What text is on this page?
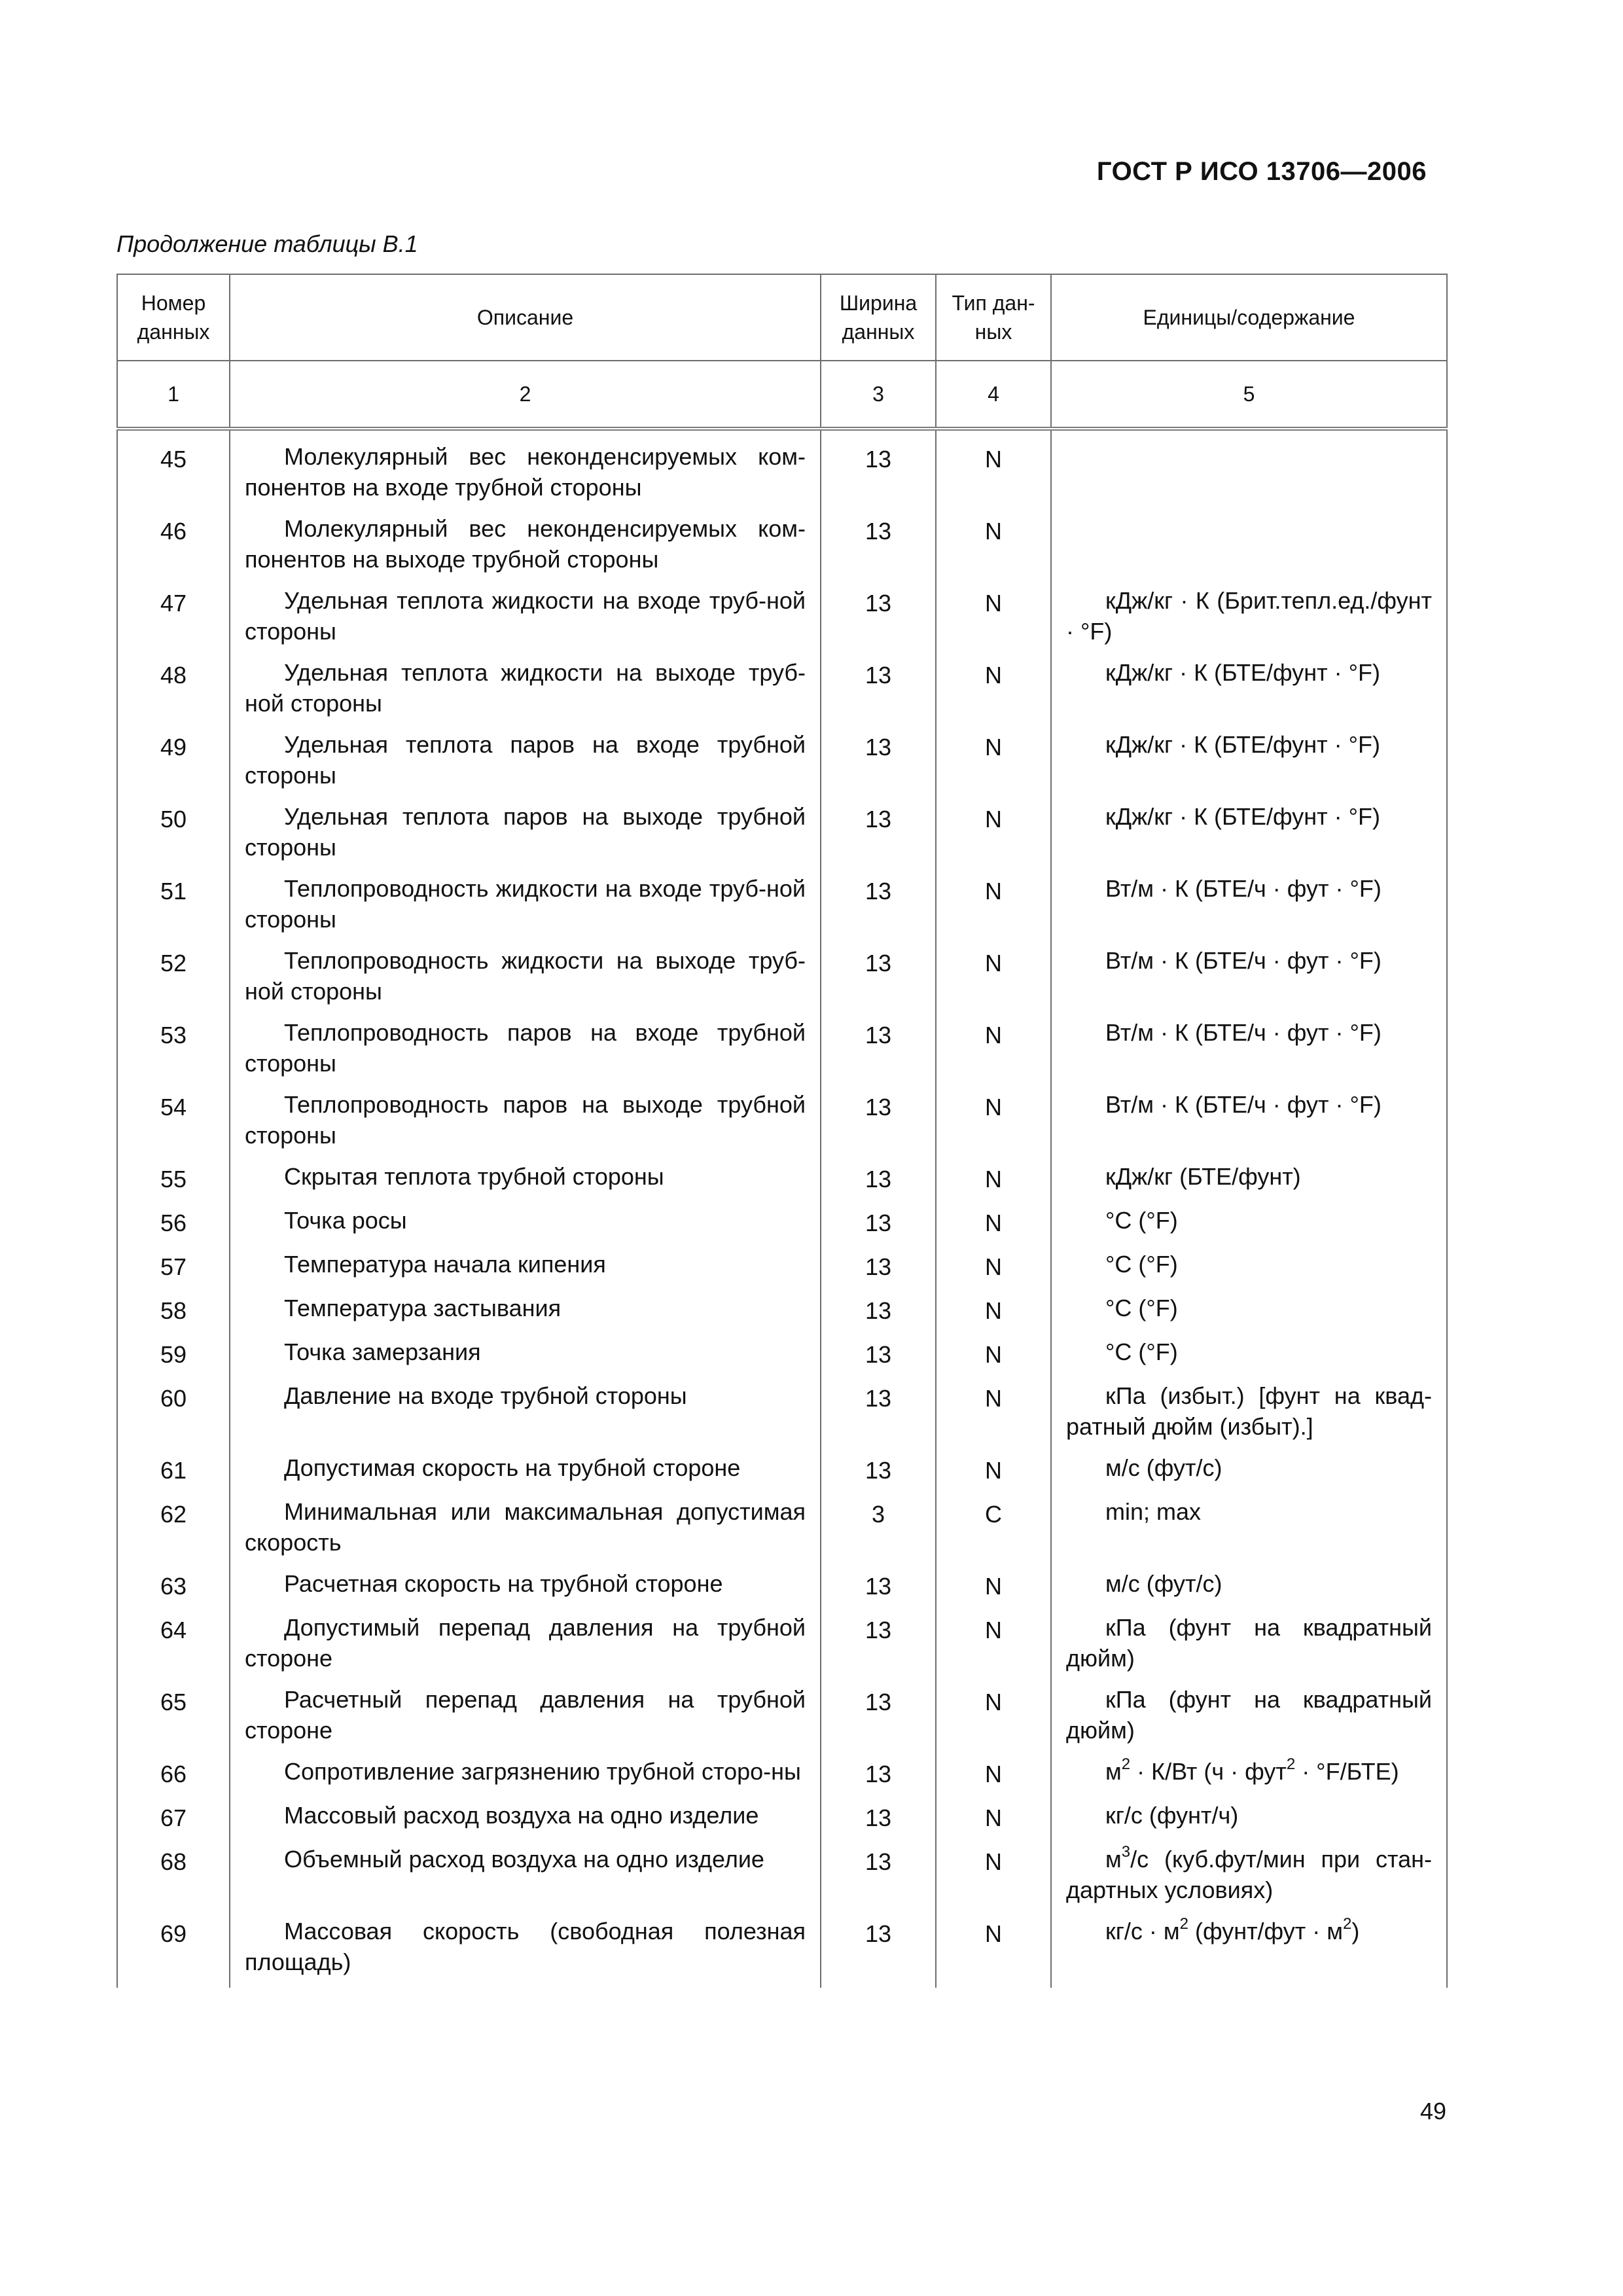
ГОСТ Р ИСО 13706—2006
Продолжение таблицы В.1
Номер данных	Описание	Ширина данных	Тип дан-ных	Единицы/содержание
1	2	3	4	5
45	Молекулярный вес неконденсируемых ком-понентов на входе трубной стороны	13	N	

46	Молекулярный вес неконденсируемых ком-понентов на выходе трубной стороны	13	N	

47	Удельная теплота жидкости на входе труб-ной стороны	13	N	кДж/кг · К (Брит.тепл.ед./фунт · °F)

48	Удельная теплота жидкости на выходе труб-ной стороны	13	N	кДж/кг · К (БТЕ/фунт · °F)

49	Удельная теплота паров на входе трубной стороны	13	N	кДж/кг · К (БТЕ/фунт · °F)

50	Удельная теплота паров на выходе трубной стороны	13	N	кДж/кг · К (БТЕ/фунт · °F)

51	Теплопроводность жидкости на входе труб-ной стороны	13	N	Вт/м · К (БТЕ/ч · фут · °F)

52	Теплопроводность жидкости на выходе труб-ной стороны	13	N	Вт/м · К (БТЕ/ч · фут · °F)

53	Теплопроводность паров на входе трубной стороны	13	N	Вт/м · К (БТЕ/ч · фут · °F)

54	Теплопроводность паров на выходе трубной стороны	13	N	Вт/м · К (БТЕ/ч · фут · °F)

55	Скрытая теплота трубной стороны	13	N	кДж/кг (БТЕ/фунт)

56	Точка росы	13	N	°C (°F)

57	Температура начала кипения	13	N	°C (°F)

58	Температура застывания	13	N	°C (°F)

59	Точка замерзания	13	N	°C (°F)

60	Давление на входе трубной стороны	13	N	кПа (избыт.) [фунт на квад-ратный дюйм (избыт).]

61	Допустимая скорость на трубной стороне	13	N	м/с (фут/с)

62	Минимальная или максимальная допустимая скорость	3	C	min; max

63	Расчетная скорость на трубной стороне	13	N	м/с (фут/с)

64	Допустимый перепад давления на трубной стороне	13	N	кПа (фунт на квадратный дюйм)

65	Расчетный перепад давления на трубной стороне	13	N	кПа (фунт на квадратный дюйм)

66	Сопротивление загрязнению трубной сторо-ны	13	N	$м^2 \cdot К/Вт$ (ч · фут$^2$ · °F/БТЕ)

67	Массовый расход воздуха на одно изделие	13	N	кг/с (фунт/ч)

68	Объемный расход воздуха на одно изделие	13	N	$м^3/с$ (куб.фут/мин при стан-дартных условиях)

69	Массовая скорость (свободная полезная площадь)	13	N	$кг/с \cdot м^2$ (фунт/фут · $м^2$)
49
